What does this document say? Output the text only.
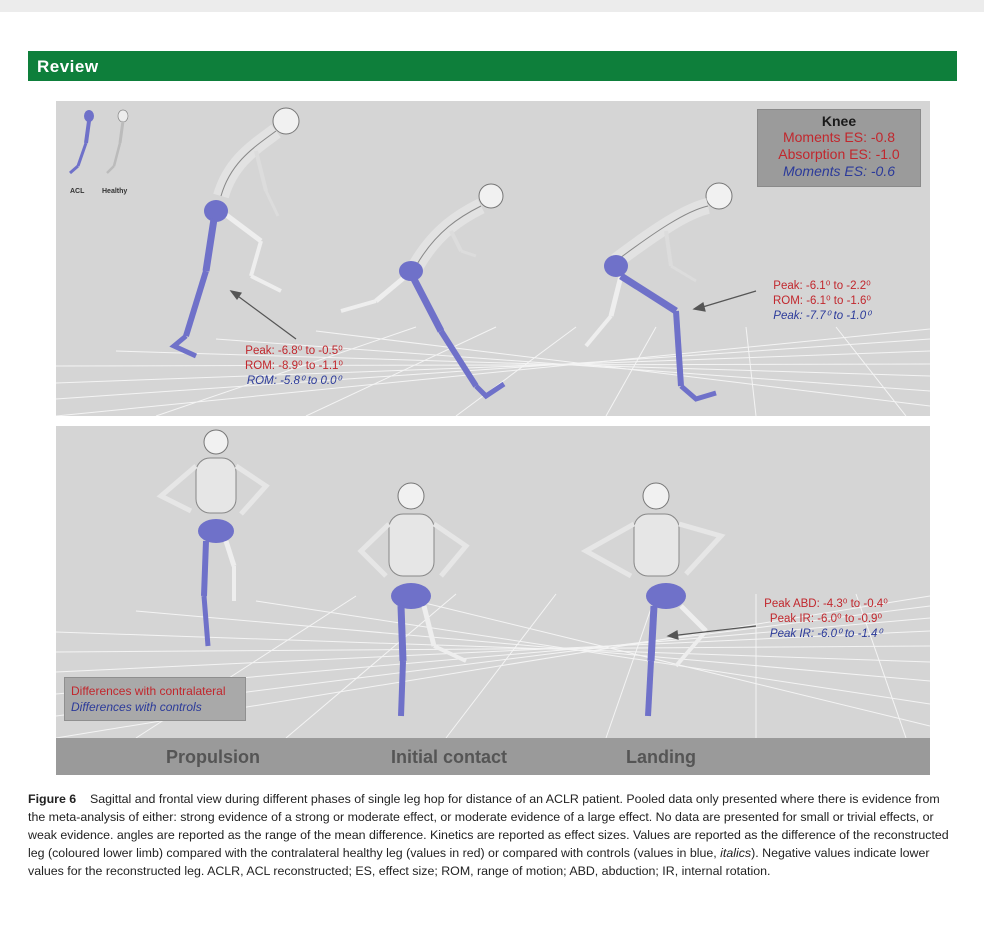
Review
ACL	Healthy
Knee
Moments ES: -0.8
Absorption ES: -1.0
Moments ES: -0.6
Peak: -6.8⁰ to -0.5⁰
ROM: -8.9⁰ to -1.1⁰
ROM: -5.8⁰ to 0.0⁰
Peak: -6.1⁰ to -2.2⁰
ROM: -6.1⁰ to -1.6⁰
Peak: -7.7⁰ to -1.0⁰
Peak ABD: -4.3⁰ to -0.4⁰
Peak IR: -6.0⁰ to -0.9⁰
Peak IR: -6.0⁰ to -1.4⁰
Differences with contralateral
Differences with controls
Propulsion	Initial contact	Landing
Figure 6 Sagittal and frontal view during different phases of single leg hop for distance of an ACLR patient. Pooled data only presented where there is evidence from the meta-analysis of either: strong evidence of a strong or moderate effect, or moderate evidence of a large effect. No data are presented for small or trivial effects, or weak evidence. angles are reported as the range of the mean difference. Kinetics are reported as effect sizes. Values are reported as the difference of the reconstructed leg (coloured lower limb) compared with the contralateral healthy leg (values in red) or compared with controls (values in blue, italics). Negative values indicate lower values for the reconstructed leg. ACLR, ACL reconstructed; ES, effect size; ROM, range of motion; ABD, abduction; IR, internal rotation.
